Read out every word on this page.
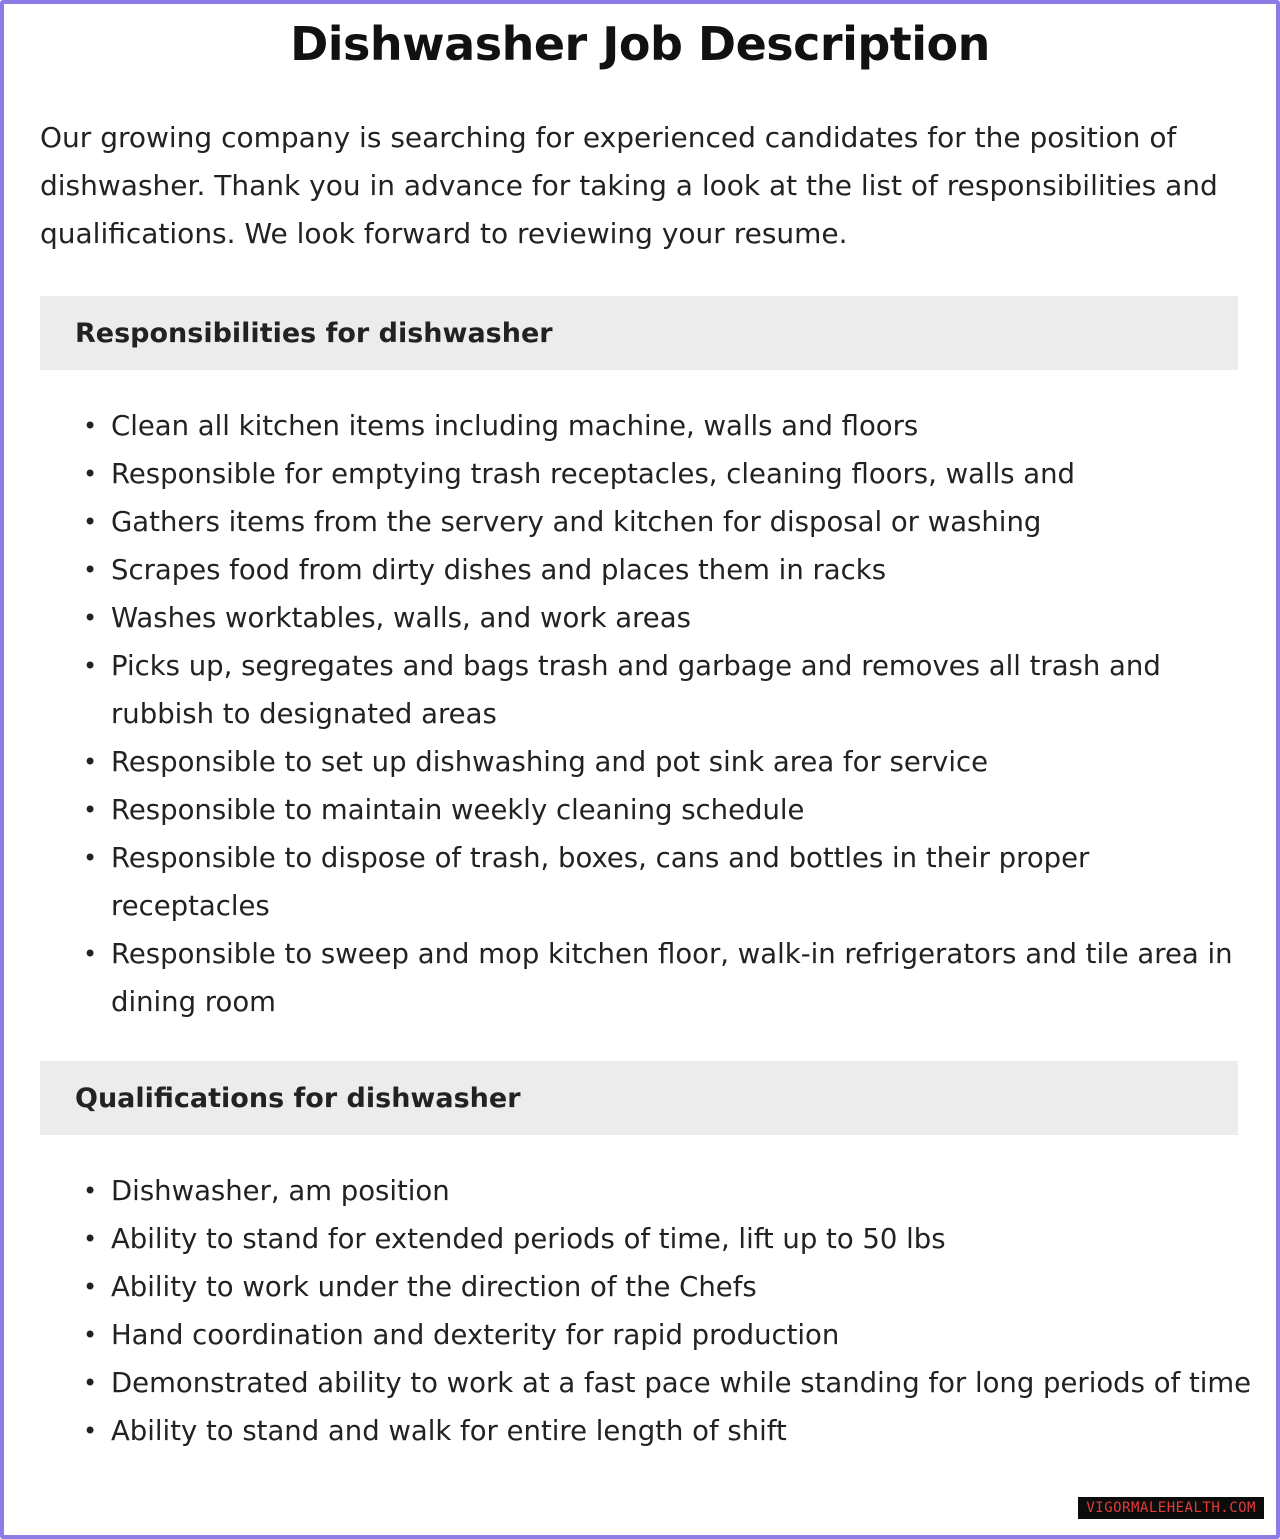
Dishwasher Job Description

Our growing company is searching for experienced candidates for the position of dishwasher. Thank you in advance for taking a look at the list of responsibilities and qualifications. We look forward to reviewing your resume.

Responsibilities for dishwasher
• Clean all kitchen items including machine, walls and floors
• Responsible for emptying trash receptacles, cleaning floors, walls and
• Gathers items from the servery and kitchen for disposal or washing
• Scrapes food from dirty dishes and places them in racks
• Washes worktables, walls, and work areas
• Picks up, segregates and bags trash and garbage and removes all trash and rubbish to designated areas
• Responsible to set up dishwashing and pot sink area for service
• Responsible to maintain weekly cleaning schedule
• Responsible to dispose of trash, boxes, cans and bottles in their proper receptacles
• Responsible to sweep and mop kitchen floor, walk-in refrigerators and tile area in dining room
Qualifications for dishwasher
• Dishwasher, am position
• Ability to stand for extended periods of time, lift up to 50 lbs
• Ability to work under the direction of the Chefs
• Hand coordination and dexterity for rapid production
• Demonstrated ability to work at a fast pace while standing for long periods of time
• Ability to stand and walk for entire length of shift
VIGORMALEHEALTH.COM
